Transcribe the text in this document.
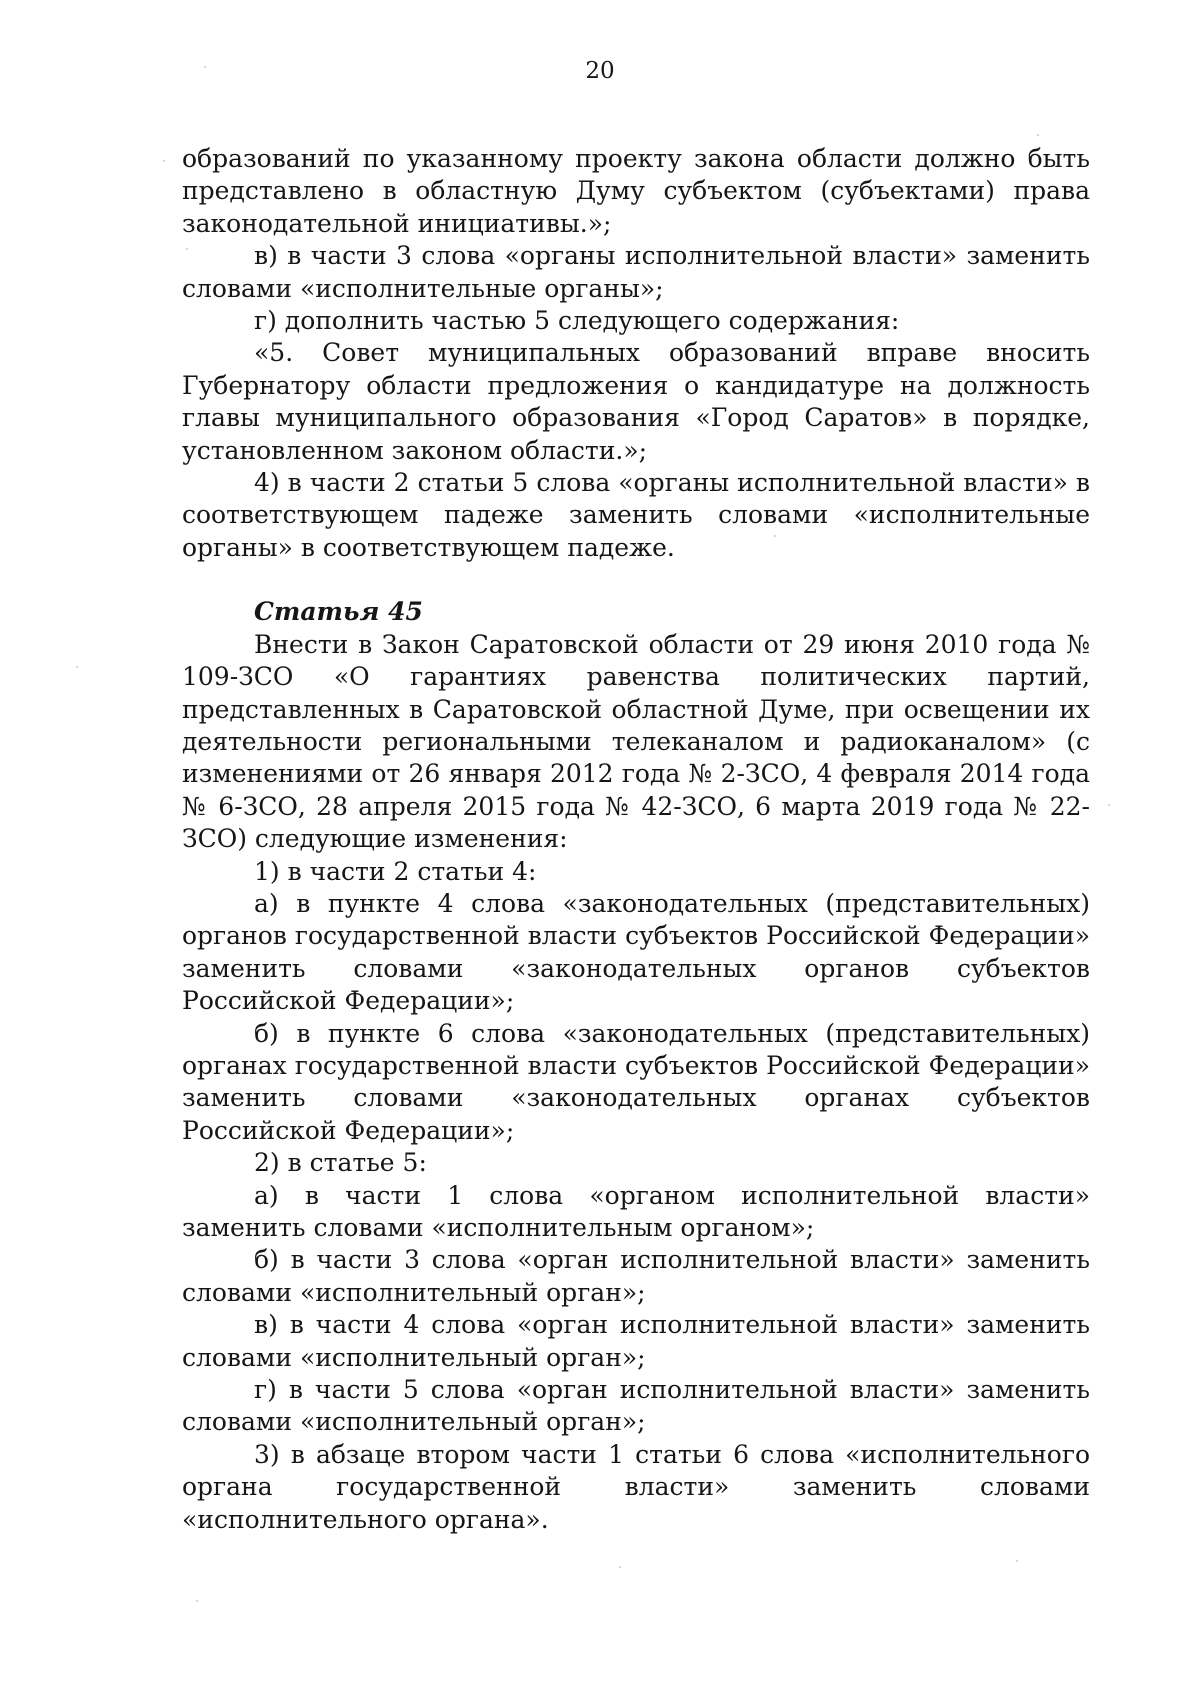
20

образований по указанному проекту закона области должно быть представлено в областную Думу субъектом (субъектами) права законодательной инициативы.»;

в) в части 3 слова «органы исполнительной власти» заменить словами «исполнительные органы»;

г) дополнить частью 5 следующего содержания:

«5. Совет муниципальных образований вправе вносить Губернатору области предложения о кандидатуре на должность главы муниципального образования «Город Саратов» в порядке, установленном законом области.»;

4) в части 2 статьи 5 слова «органы исполнительной власти» в соответствующем падеже заменить словами «исполнительные органы» в соответствующем падеже.

Статья 45

Внести в Закон Саратовской области от 29 июня 2010 года № 109-ЗСО «О гарантиях равенства политических партий, представленных в Саратовской областной Думе, при освещении их деятельности региональными телеканалом и радиоканалом» (с изменениями от 26 января 2012 года № 2-ЗСО, 4 февраля 2014 года № 6-ЗСО, 28 апреля 2015 года № 42-ЗСО, 6 марта 2019 года № 22-ЗСО) следующие изменения:

1) в части 2 статьи 4:

а) в пункте 4 слова «законодательных (представительных) органов государственной власти субъектов Российской Федерации» заменить словами «законодательных органов субъектов Российской Федерации»;

б) в пункте 6 слова «законодательных (представительных) органах государственной власти субъектов Российской Федерации» заменить словами «законодательных органах субъектов Российской Федерации»;

2) в статье 5:

а) в части 1 слова «органом исполнительной власти» заменить словами «исполнительным органом»;

б) в части 3 слова «орган исполнительной власти» заменить словами «исполнительный орган»;

в) в части 4 слова «орган исполнительной власти» заменить словами «исполнительный орган»;

г) в части 5 слова «орган исполнительной власти» заменить словами «исполнительный орган»;

3) в абзаце втором части 1 статьи 6 слова «исполнительного органа государственной власти» заменить словами «исполнительного органа».
